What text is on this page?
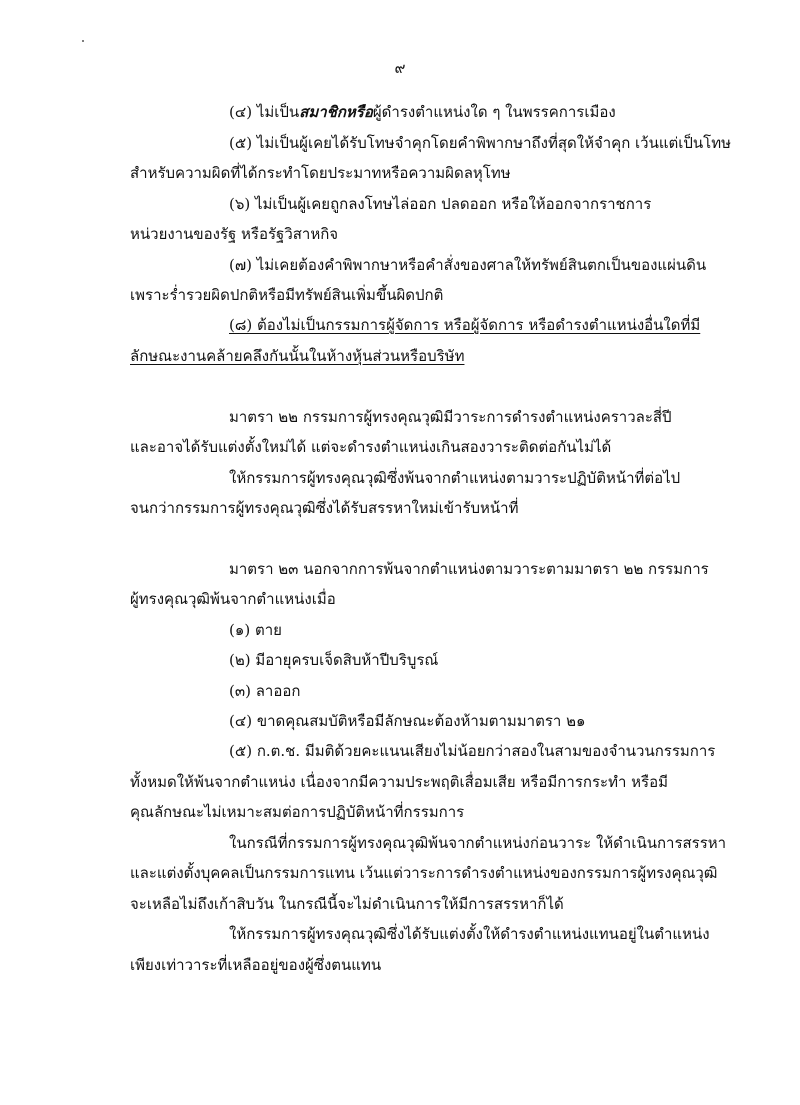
๙
(๔) ไม่เป็นสมาชิกหรือผู้ดำรงตำแหน่งใด ๆ ในพรรคการเมือง
(๕) ไม่เป็นผู้เคยได้รับโทษจำคุกโดยคำพิพากษาถึงที่สุดให้จำคุก เว้นแต่เป็นโทษ
สำหรับความผิดที่ได้กระทำโดยประมาทหรือความผิดลหุโทษ
(๖) ไม่เป็นผู้เคยถูกลงโทษไล่ออก ปลดออก หรือให้ออกจากราชการ
หน่วยงานของรัฐ หรือรัฐวิสาหกิจ
(๗) ไม่เคยต้องคำพิพากษาหรือคำสั่งของศาลให้ทรัพย์สินตกเป็นของแผ่นดิน
เพราะร่ำรวยผิดปกติหรือมีทรัพย์สินเพิ่มขึ้นผิดปกติ
(๘) ต้องไม่เป็นกรรมการผู้จัดการ หรือผู้จัดการ หรือดำรงตำแหน่งอื่นใดที่มี
ลักษณะงานคล้ายคลึงกันนั้นในห้างหุ้นส่วนหรือบริษัท
มาตรา ๒๒ กรรมการผู้ทรงคุณวุฒิมีวาระการดำรงตำแหน่งคราวละสี่ปี
และอาจได้รับแต่งตั้งใหม่ได้ แต่จะดำรงตำแหน่งเกินสองวาระติดต่อกันไม่ได้
ให้กรรมการผู้ทรงคุณวุฒิซึ่งพ้นจากตำแหน่งตามวาระปฏิบัติหน้าที่ต่อไป
จนกว่ากรรมการผู้ทรงคุณวุฒิซึ่งได้รับสรรหาใหม่เข้ารับหน้าที่
มาตรา ๒๓ นอกจากการพ้นจากตำแหน่งตามวาระตามมาตรา ๒๒ กรรมการ
ผู้ทรงคุณวุฒิพ้นจากตำแหน่งเมื่อ
(๑) ตาย
(๒) มีอายุครบเจ็ดสิบห้าปีบริบูรณ์
(๓) ลาออก
(๔) ขาดคุณสมบัติหรือมีลักษณะต้องห้ามตามมาตรา ๒๑
(๕) ก.ต.ช. มีมติด้วยคะแนนเสียงไม่น้อยกว่าสองในสามของจำนวนกรรมการ
ทั้งหมดให้พ้นจากตำแหน่ง เนื่องจากมีความประพฤติเสื่อมเสีย หรือมีการกระทำ หรือมี
คุณลักษณะไม่เหมาะสมต่อการปฏิบัติหน้าที่กรรมการ
ในกรณีที่กรรมการผู้ทรงคุณวุฒิพ้นจากตำแหน่งก่อนวาระ ให้ดำเนินการสรรหา
และแต่งตั้งบุคคลเป็นกรรมการแทน เว้นแต่วาระการดำรงตำแหน่งของกรรมการผู้ทรงคุณวุฒิ
จะเหลือไม่ถึงเก้าสิบวัน ในกรณีนี้จะไม่ดำเนินการให้มีการสรรหาก็ได้
ให้กรรมการผู้ทรงคุณวุฒิซึ่งได้รับแต่งตั้งให้ดำรงตำแหน่งแทนอยู่ในตำแหน่ง
เพียงเท่าวาระที่เหลืออยู่ของผู้ซึ่งตนแทน
